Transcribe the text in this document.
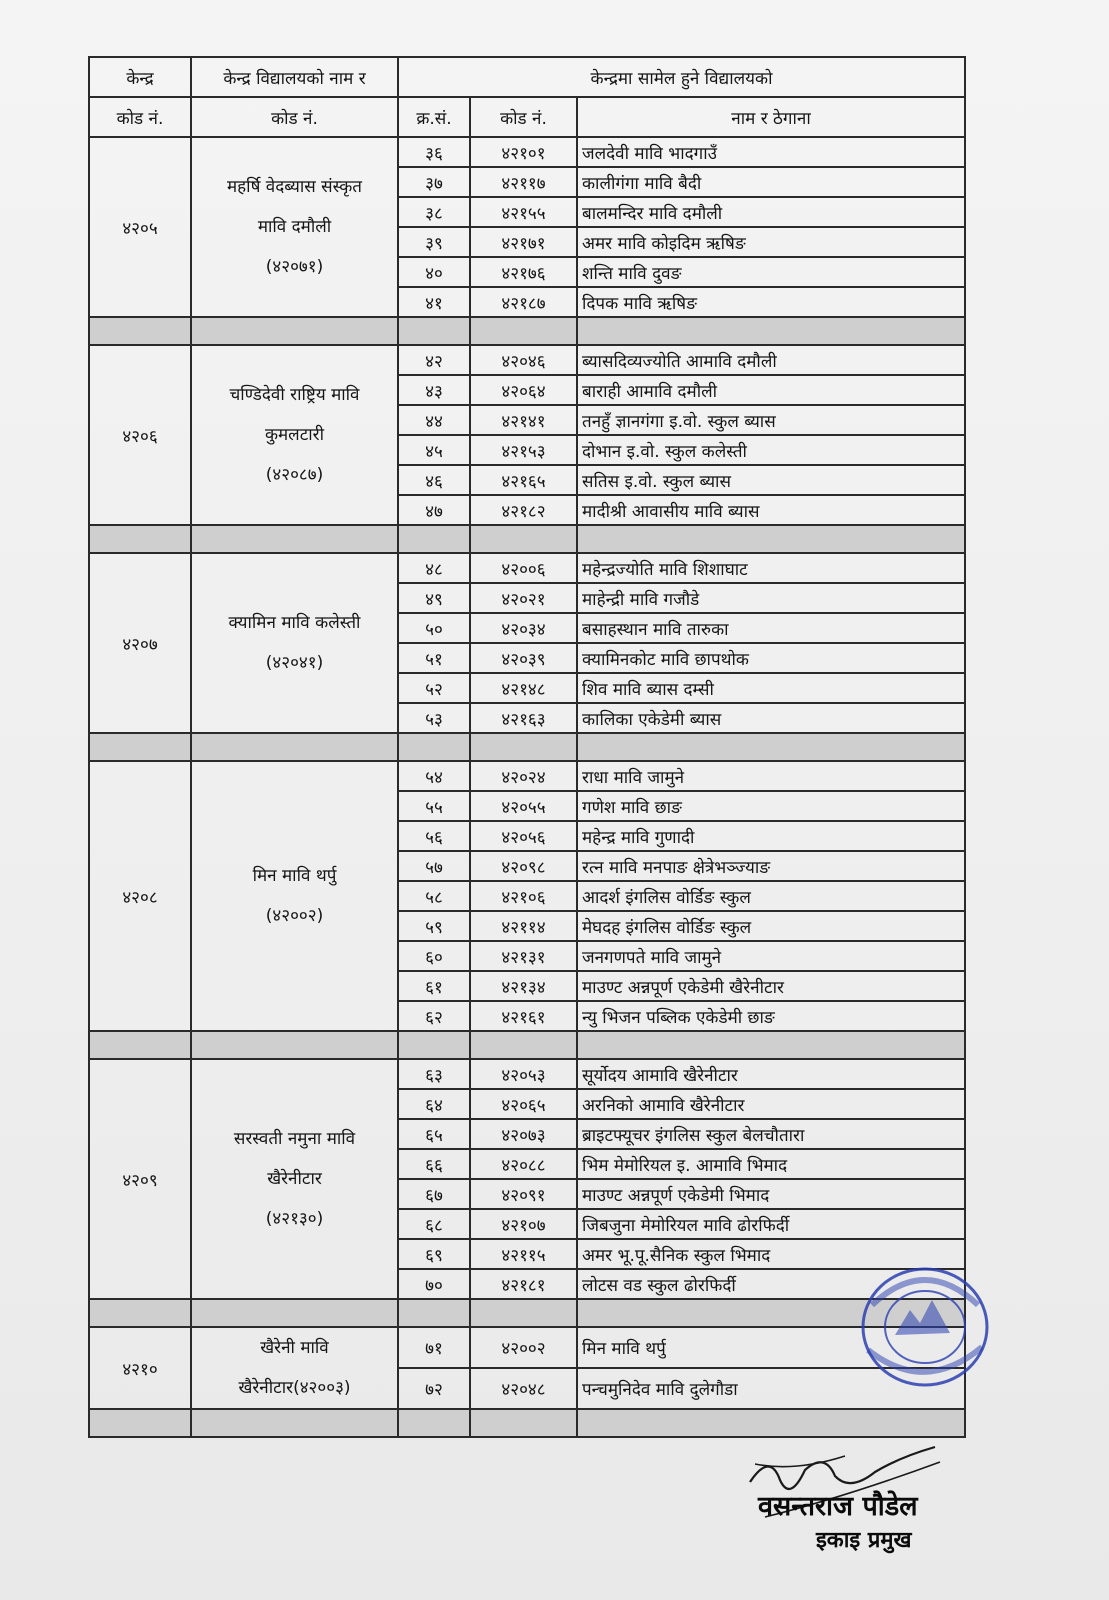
केन्द्र	केन्द्र विद्यालयको नाम र	केन्द्रमा सामेल हुने विद्यालयको		
कोड नं.	कोड नं.	क्र.सं.	कोड नं.	नाम र ठेगाना
४२०५	महर्षि वेदब्यास संस्कृत
मावि दमौली
(४२०७१)	३६	४२१०१	जलदेवी मावि भादगाउँ
		३७	४२११७	कालीगंगा मावि बैदी
		३८	४२१५५	बालमन्दिर मावि दमौली
		३९	४२१७१	अमर मावि कोइदिम ऋषिङ
		४०	४२१७६	शन्ति मावि दुवङ
		४१	४२१८७	दिपक मावि ऋषिङ

४२०६	चण्डिदेवी राष्ट्रिय मावि
कुमलटारी
(४२०८७)	४२	४२०४६	ब्यासदिव्यज्योति आमावि दमौली
		४३	४२०६४	बाराही आमावि दमौली
		४४	४२१४१	तनहुँ ज्ञानगंगा इ.वो. स्कुल ब्यास
		४५	४२१५३	दोभान इ.वो. स्कुल कलेस्ती
		४६	४२१६५	सतिस इ.वो. स्कुल ब्यास
		४७	४२१८२	मादीश्री आवासीय मावि ब्यास

४२०७	क्यामिन मावि कलेस्ती
(४२०४१)	४८	४२००६	महेन्द्रज्योति मावि शिशाघाट
		४९	४२०२१	माहेन्द्री मावि गजौडे
		५०	४२०३४	बसाहस्थान मावि तारुका
		५१	४२०३९	क्यामिनकोट मावि छापथोक
		५२	४२१४८	शिव मावि ब्यास दम्सी
		५३	४२१६३	कालिका एकेडेमी ब्यास

४२०८	मिन मावि थर्पु
(४२००२)	५४	४२०२४	राधा मावि जामुने
		५५	४२०५५	गणेश मावि छाङ
		५६	४२०५६	महेन्द्र मावि गुणादी
		५७	४२०९८	रत्न मावि मनपाङ क्षेत्रेभञ्ज्याङ
		५८	४२१०६	आदर्श इंगलिस वोर्डिङ स्कुल
		५९	४२११४	मेघदह इंगलिस वोर्डिङ स्कुल
		६०	४२१३१	जनगणपते मावि जामुने
		६१	४२१३४	माउण्ट अन्नपूर्ण एकेडेमी खैरेनीटार
		६२	४२१६१	न्यु भिजन पब्लिक एकेडेमी छाङ

४२०९	सरस्वती नमुना मावि
खैरेनीटार
(४२१३०)	६३	४२०५३	सूर्योदय आमावि खैरेनीटार
		६४	४२०६५	अरनिको आमावि खैरेनीटार
		६५	४२०७३	ब्राइटफ्यूचर इंगलिस स्कुल बेलचौतारा
		६६	४२०८८	भिम मेमोरियल इ. आमावि भिमाद
		६७	४२०९१	माउण्ट अन्नपूर्ण एकेडेमी भिमाद
		६८	४२१०७	जिबजुना मेमोरियल मावि ढोरफिर्दी
		६९	४२११५	अमर भू.पू.सैनिक स्कुल भिमाद
		७०	४२१८१	लोटस वड स्कुल ढोरफिर्दी

४२१०	खैरेनी मावि
खैरेनीटार(४२००३)	७१	४२००२	मिन मावि थर्पु
		७२	४२०४८	पन्चमुनिदेव मावि दुलेगौडा

वसन्तराज पौडेल
इकाइ प्रमुख
